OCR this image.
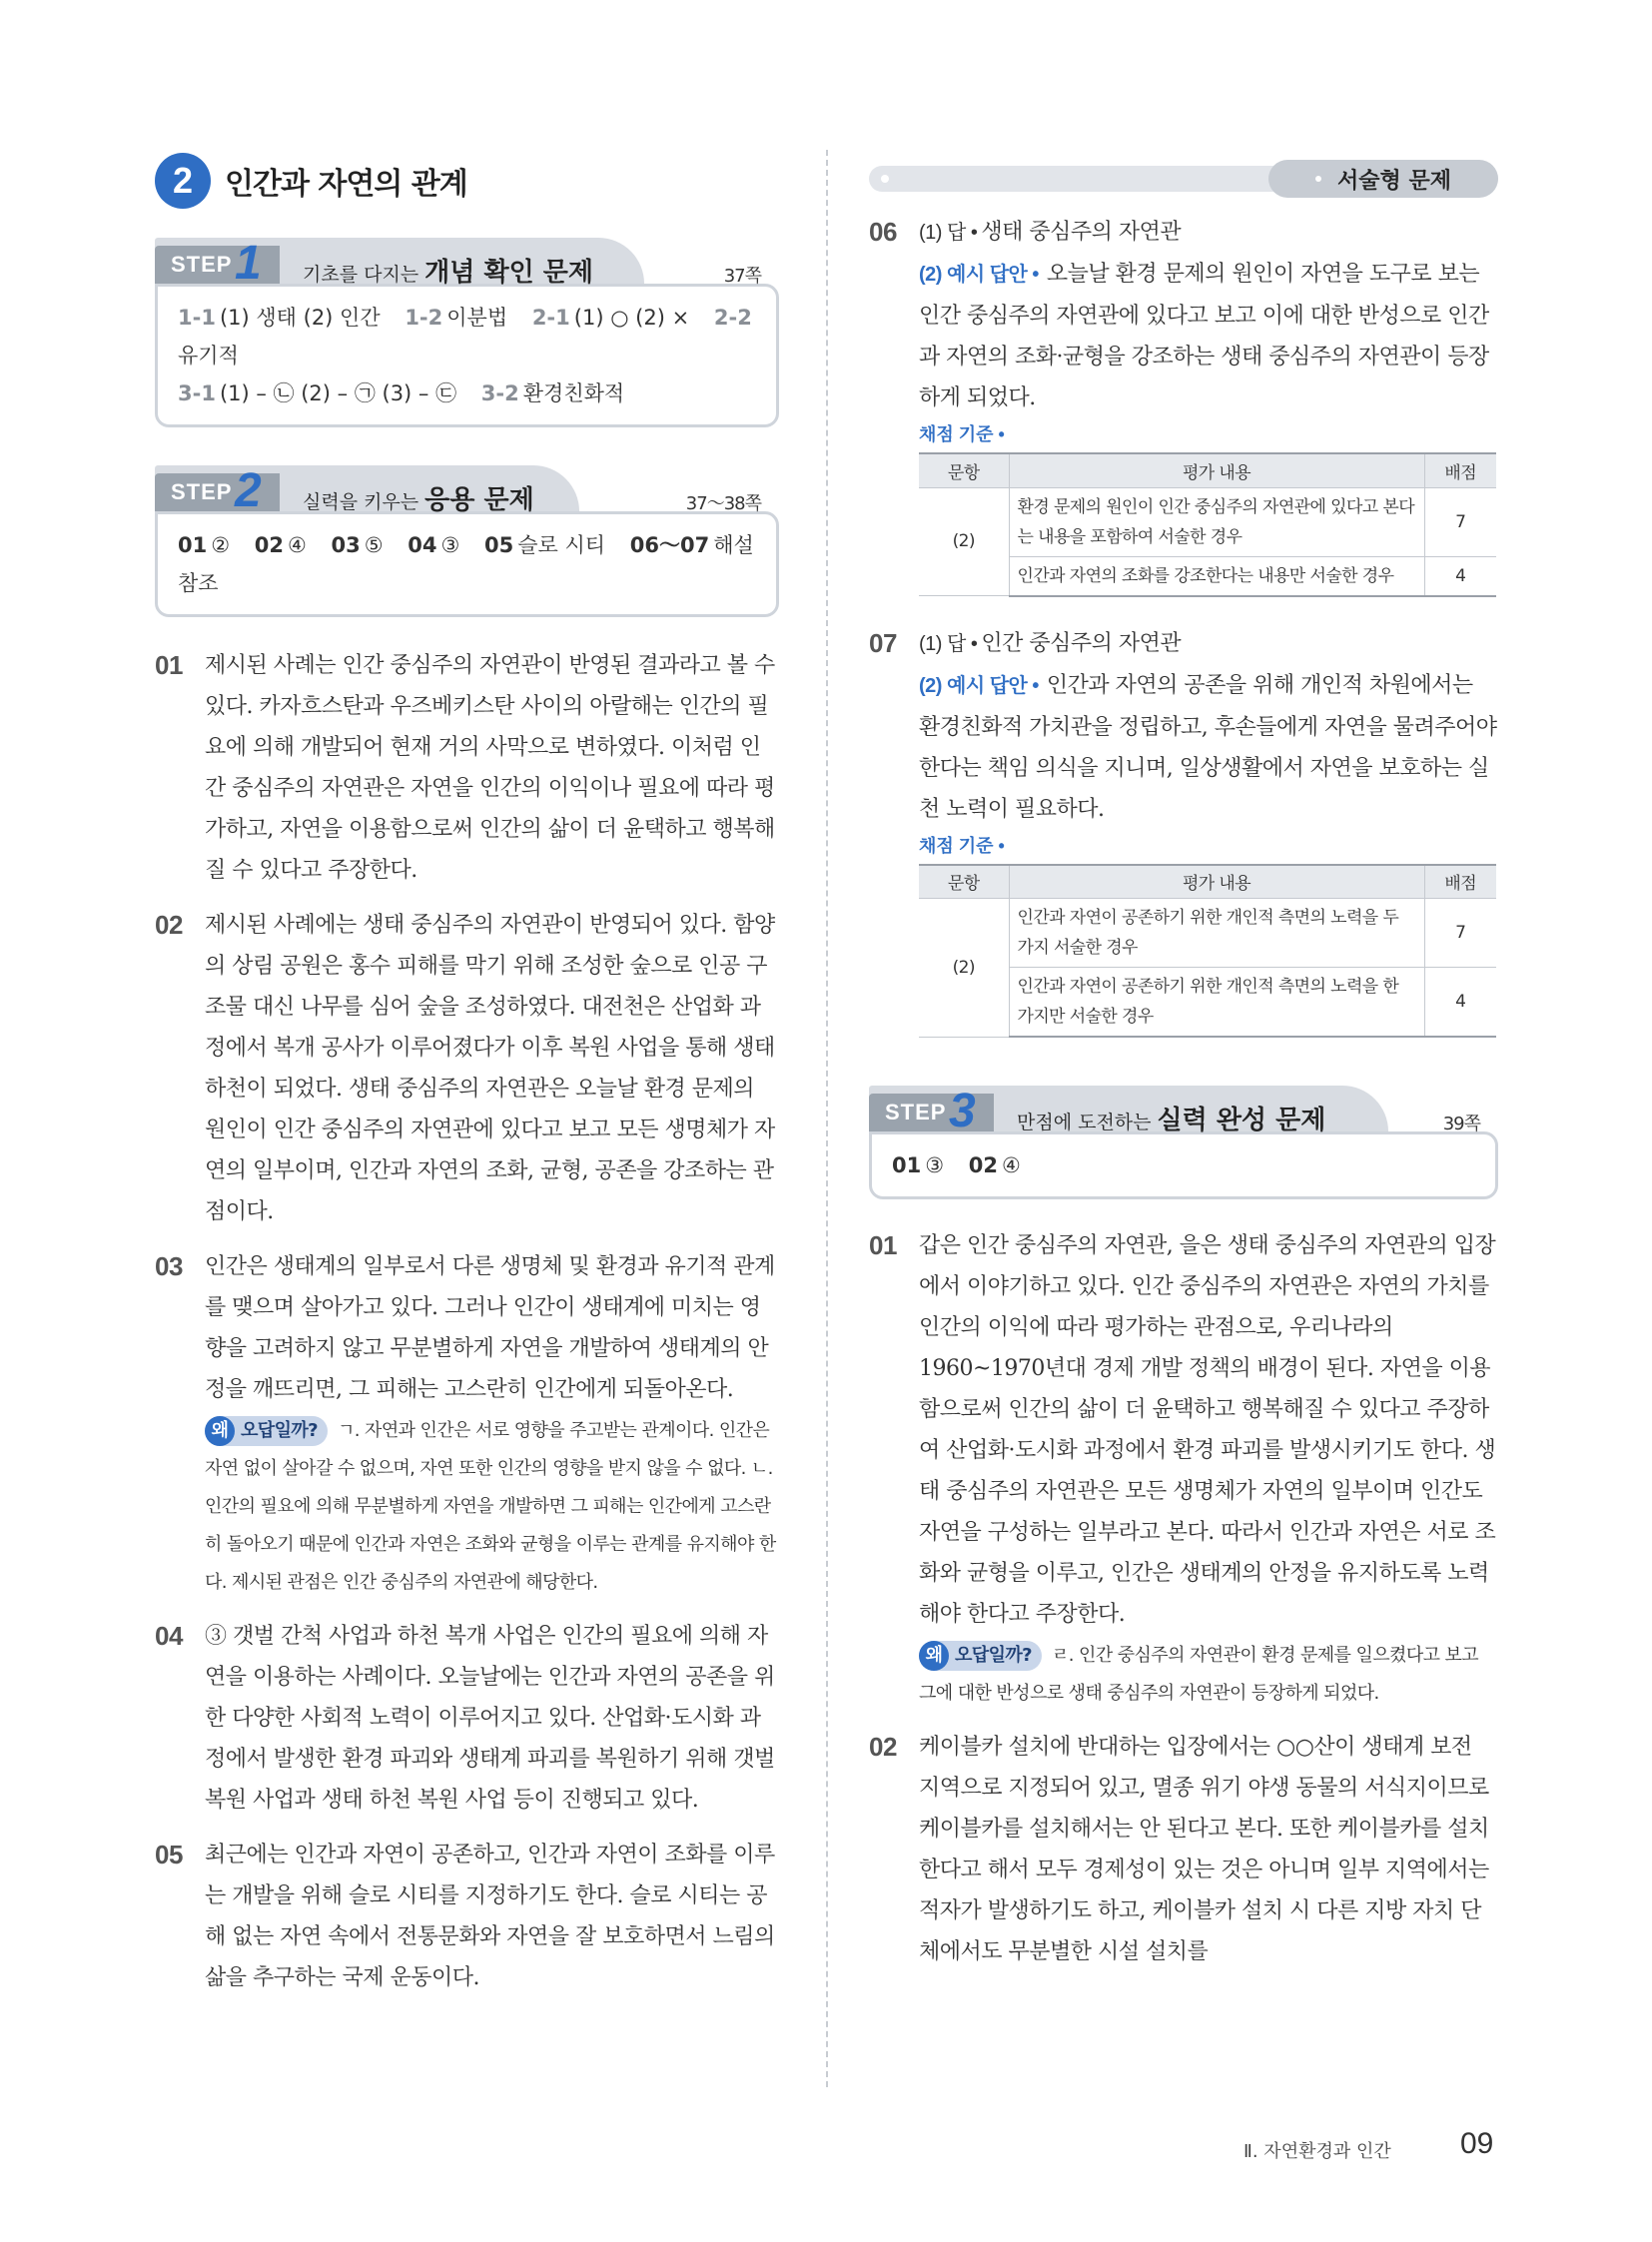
2	인간과 자연의 관계
STEP 1 기초를 다지는 개념 확인 문제	37쪽
1-1 (1) 생태 (2) 인간 1-2 이분법 2-1 (1) ○ (2) × 2-2유기적
3-1 (1) – ㉡ (2) – ㉠ (3) – ㉢ 3-2 환경친화적
STEP 2 실력을 키우는 응용 문제	37～38쪽
01 ② 02 ④ 03 ⑤ 04 ③ 05 슬로 시티 06～07 해설 참조
01 제시된 사례는 인간 중심주의 자연관이 반영된 결과라고 볼 수 있다. 카자흐스탄과 우즈베키스탄 사이의 아랄해는 인간의 필요에 의해 개발되어 현재 거의 사막으로 변하였다. 이처럼 인간 중심주의 자연관은 자연을 인간의 이익이나 필요에 따라 평가하고, 자연을 이용함으로써 인간의 삶이 더 윤택하고 행복해질 수 있다고 주장한다.
02 제시된 사례에는 생태 중심주의 자연관이 반영되어 있다. 함양의 상림 공원은 홍수 피해를 막기 위해 조성한 숲으로 인공 구조물 대신 나무를 심어 숲을 조성하였다. 대전천은 산업화 과정에서 복개 공사가 이루어졌다가 이후 복원 사업을 통해 생태 하천이 되었다. 생태 중심주의 자연관은 오늘날 환경 문제의 원인이 인간 중심주의 자연관에 있다고 보고 모든 생명체가 자연의 일부이며, 인간과 자연의 조화, 균형, 공존을 강조하는 관점이다.
03 인간은 생태계의 일부로서 다른 생명체 및 환경과 유기적 관계를 맺으며 살아가고 있다. 그러나 인간이 생태계에 미치는 영향을 고려하지 않고 무분별하게 자연을 개발하여 생태계의 안정을 깨뜨리면, 그 피해는 고스란히 인간에게 되돌아온다.
왜 오답일까? ㄱ. 자연과 인간은 서로 영향을 주고받는 관계이다. 인간은 자연 없이 살아갈 수 없으며, 자연 또한 인간의 영향을 받지 않을 수 없다. ㄴ. 인간의 필요에 의해 무분별하게 자연을 개발하면 그 피해는 인간에게 고스란히 돌아오기 때문에 인간과 자연은 조화와 균형을 이루는 관계를 유지해야 한다. 제시된 관점은 인간 중심주의 자연관에 해당한다.
04 ③ 갯벌 간척 사업과 하천 복개 사업은 인간의 필요에 의해 자연을 이용하는 사례이다. 오늘날에는 인간과 자연의 공존을 위한 다양한 사회적 노력이 이루어지고 있다. 산업화·도시화 과정에서 발생한 환경 파괴와 생태계 파괴를 복원하기 위해 갯벌 복원 사업과 생태 하천 복원 사업 등이 진행되고 있다.
05 최근에는 인간과 자연이 공존하고, 인간과 자연이 조화를 이루는 개발을 위해 슬로 시티를 지정하기도 한다. 슬로 시티는 공해 없는 자연 속에서 전통문화와 자연을 잘 보호하면서 느림의 삶을 추구하는 국제 운동이다.
서술형 문제
06 (1) 답 • 생태 중심주의 자연관
(2) 예시 답안 • 오늘날 환경 문제의 원인이 자연을 도구로 보는 인간 중심주의 자연관에 있다고 보고 이에 대한 반성으로 인간과 자연의 조화·균형을 강조하는 생태 중심주의 자연관이 등장하게 되었다.
채점 기준 •
문항	평가 내용	배점
(2)	환경 문제의 원인이 인간 중심주의 자연관에 있다고 본다는 내용을 포함하여 서술한 경우	7
	인간과 자연의 조화를 강조한다는 내용만 서술한 경우	4
07 (1) 답 • 인간 중심주의 자연관
(2) 예시 답안 • 인간과 자연의 공존을 위해 개인적 차원에서는 환경친화적 가치관을 정립하고, 후손들에게 자연을 물려주어야 한다는 책임 의식을 지니며, 일상생활에서 자연을 보호하는 실천 노력이 필요하다.
채점 기준 •
문항	평가 내용	배점
(2)	인간과 자연이 공존하기 위한 개인적 측면의 노력을 두 가지 서술한 경우	7
	인간과 자연이 공존하기 위한 개인적 측면의 노력을 한 가지만 서술한 경우	4
STEP 3 만점에 도전하는 실력 완성 문제	39쪽
01 ③ 02 ④
01 갑은 인간 중심주의 자연관, 을은 생태 중심주의 자연관의 입장에서 이야기하고 있다. 인간 중심주의 자연관은 자연의 가치를 인간의 이익에 따라 평가하는 관점으로, 우리나라의 1960~1970년대 경제 개발 정책의 배경이 된다. 자연을 이용함으로써 인간의 삶이 더 윤택하고 행복해질 수 있다고 주장하여 산업화·도시화 과정에서 환경 파괴를 발생시키기도 한다. 생태 중심주의 자연관은 모든 생명체가 자연의 일부이며 인간도 자연을 구성하는 일부라고 본다. 따라서 인간과 자연은 서로 조화와 균형을 이루고, 인간은 생태계의 안정을 유지하도록 노력해야 한다고 주장한다.
왜 오답일까? ㄹ. 인간 중심주의 자연관이 환경 문제를 일으켰다고 보고 그에 대한 반성으로 생태 중심주의 자연관이 등장하게 되었다.
02 케이블카 설치에 반대하는 입장에서는 ○○산이 생태계 보전 지역으로 지정되어 있고, 멸종 위기 야생 동물의 서식지이므로 케이블카를 설치해서는 안 된다고 본다. 또한 케이블카를 설치한다고 해서 모두 경제성이 있는 것은 아니며 일부 지역에서는 적자가 발생하기도 하고, 케이블카 설치 시 다른 지방 자치 단체에서도 무분별한 시설 설치를
Ⅱ. 자연환경과 인간 09
